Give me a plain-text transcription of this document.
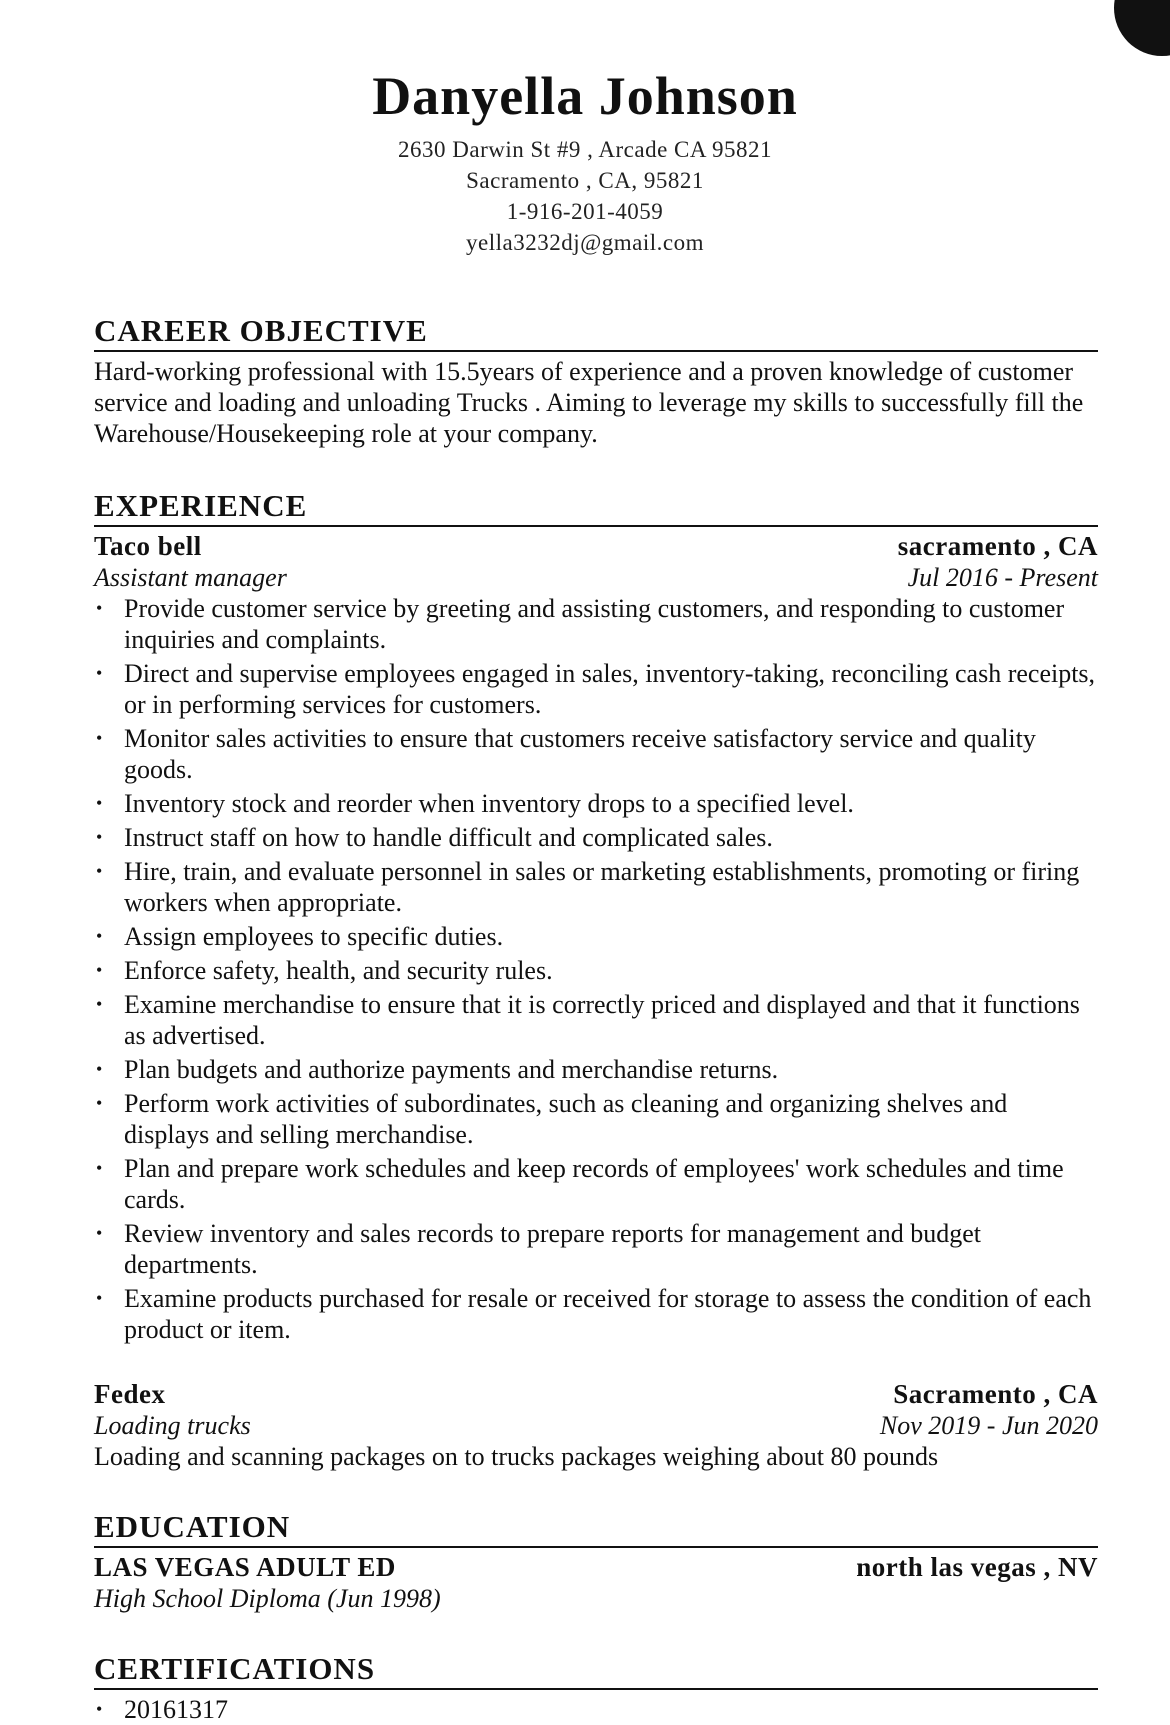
Danyella Johnson
2630 Darwin St #9 , Arcade CA 95821
Sacramento , CA, 95821
1-916-201-4059
yella3232dj@gmail.com
CAREER OBJECTIVE

Hard-working professional with 15.5years of experience and a proven knowledge of customer service and loading and unloading Trucks . Aiming to leverage my skills to successfully fill the Warehouse/Housekeeping role at your company.

EXPERIENCE
Taco bell	sacramento , CA
Assistant manager	Jul 2016 - Present
• Provide customer service by greeting and assisting customers, and responding to customer inquiries and complaints.
• Direct and supervise employees engaged in sales, inventory-taking, reconciling cash receipts, or in performing services for customers.
• Monitor sales activities to ensure that customers receive satisfactory service and quality goods.
• Inventory stock and reorder when inventory drops to a specified level.
• Instruct staff on how to handle difficult and complicated sales.
• Hire, train, and evaluate personnel in sales or marketing establishments, promoting or firing workers when appropriate.
• Assign employees to specific duties.
• Enforce safety, health, and security rules.
• Examine merchandise to ensure that it is correctly priced and displayed and that it functions as advertised.
• Plan budgets and authorize payments and merchandise returns.
• Perform work activities of subordinates, such as cleaning and organizing shelves and displays and selling merchandise.
• Plan and prepare work schedules and keep records of employees' work schedules and time cards.
• Review inventory and sales records to prepare reports for management and budget departments.
• Examine products purchased for resale or received for storage to assess the condition of each product or item.
Fedex	Sacramento , CA
Loading trucks	Nov 2019 - Jun 2020

Loading and scanning packages on to trucks packages weighing about 80 pounds

EDUCATION
LAS VEGAS ADULT ED	north las vegas , NV
High School Diploma (Jun 1998)
CERTIFICATIONS
• 20161317
